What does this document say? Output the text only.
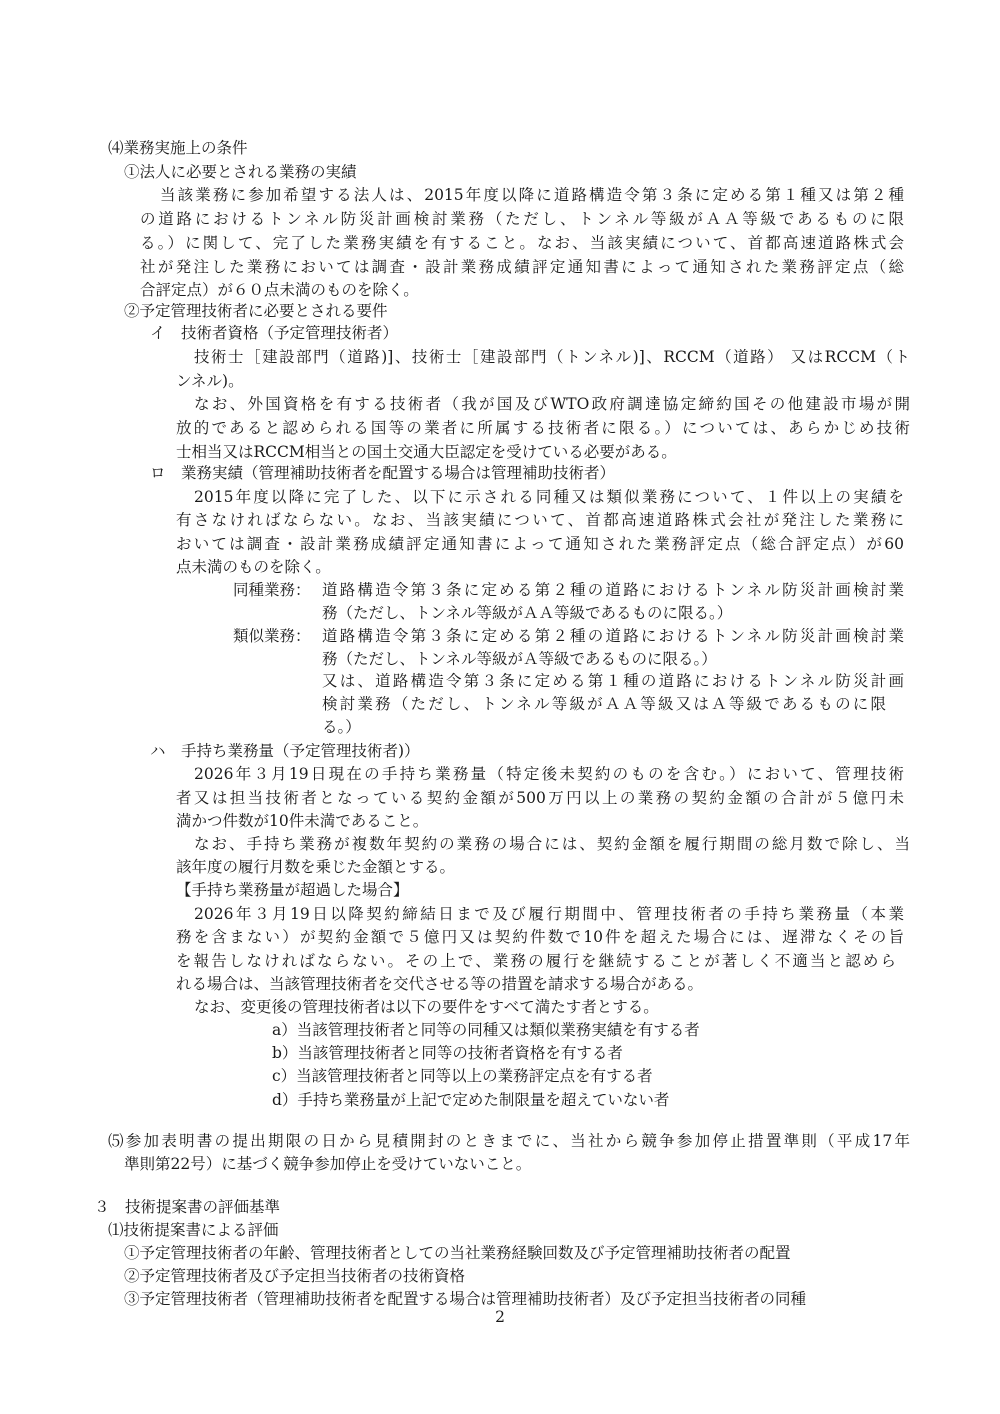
⑷業務実施上の条件
①法人に必要とされる業務の実績
当該業務に参加希望する法人は、2015年度以降に道路構造令第３条に定める第１種又は第２種
の道路におけるトンネル防災計画検討業務（ただし、トンネル等級がＡＡ等級であるものに限
る。）に関して、完了した業務実績を有すること。なお、当該実績について、首都高速道路株式会
社が発注した業務においては調査・設計業務成績評定通知書によって通知された業務評定点（総
合評定点）が６０点未満のものを除く。
②予定管理技術者に必要とされる要件
イ　技術者資格（予定管理技術者）
技術士［建設部門（道路)]、技術士［建設部門（トンネル)]、RCCM（道路） 又はRCCM（ト
ンネル)。
なお、外国資格を有する技術者（我が国及びWTO政府調達協定締約国その他建設市場が開
放的であると認められる国等の業者に所属する技術者に限る。）については、あらかじめ技術
士相当又はRCCM相当との国土交通大臣認定を受けている必要がある。
ロ　業務実績（管理補助技術者を配置する場合は管理補助技術者）
2015年度以降に完了した、以下に示される同種又は類似業務について、１件以上の実績を
有さなければならない。なお、当該実績について、首都高速道路株式会社が発注した業務に
おいては調査・設計業務成績評定通知書によって通知された業務評定点（総合評定点）が60
点未満のものを除く。
同種業務： 道路構造令第３条に定める第２種の道路におけるトンネル防災計画検討業
務（ただし、トンネル等級がＡＡ等級であるものに限る。）
類似業務： 道路構造令第３条に定める第２種の道路におけるトンネル防災計画検討業
務（ただし、トンネル等級がＡ等級であるものに限る。）
又は、道路構造令第３条に定める第１種の道路におけるトンネル防災計画
検討業務（ただし、トンネル等級がＡＡ等級又はＡ等級であるものに限
る。）
ハ　手持ち業務量（予定管理技術者)）
2026年３月19日現在の手持ち業務量（特定後未契約のものを含む。）において、管理技術
者又は担当技術者となっている契約金額が500万円以上の業務の契約金額の合計が５億円未
満かつ件数が10件未満であること。
なお、手持ち業務が複数年契約の業務の場合には、契約金額を履行期間の総月数で除し、当
該年度の履行月数を乗じた金額とする。
【手持ち業務量が超過した場合】
2026年３月19日以降契約締結日まで及び履行期間中、管理技術者の手持ち業務量（本業
務を含まない）が契約金額で５億円又は契約件数で10件を超えた場合には、遅滞なくその旨
を報告しなければならない。その上で、業務の履行を継続することが著しく不適当と認めら
れる場合は、当該管理技術者を交代させる等の措置を請求する場合がある。
なお、変更後の管理技術者は以下の要件をすべて満たす者とする。
a）当該管理技術者と同等の同種又は類似業務実績を有する者
b）当該管理技術者と同等の技術者資格を有する者
c）当該管理技術者と同等以上の業務評定点を有する者
d）手持ち業務量が上記で定めた制限量を超えていない者
⑸参加表明書の提出期限の日から見積開封のときまでに、当社から競争参加停止措置準則（平成17年
準則第22号）に基づく競争参加停止を受けていないこと。
３　技術提案書の評価基準
⑴技術提案書による評価
①予定管理技術者の年齢、管理技術者としての当社業務経験回数及び予定管理補助技術者の配置
②予定管理技術者及び予定担当技術者の技術資格
③予定管理技術者（管理補助技術者を配置する場合は管理補助技術者）及び予定担当技術者の同種
2
